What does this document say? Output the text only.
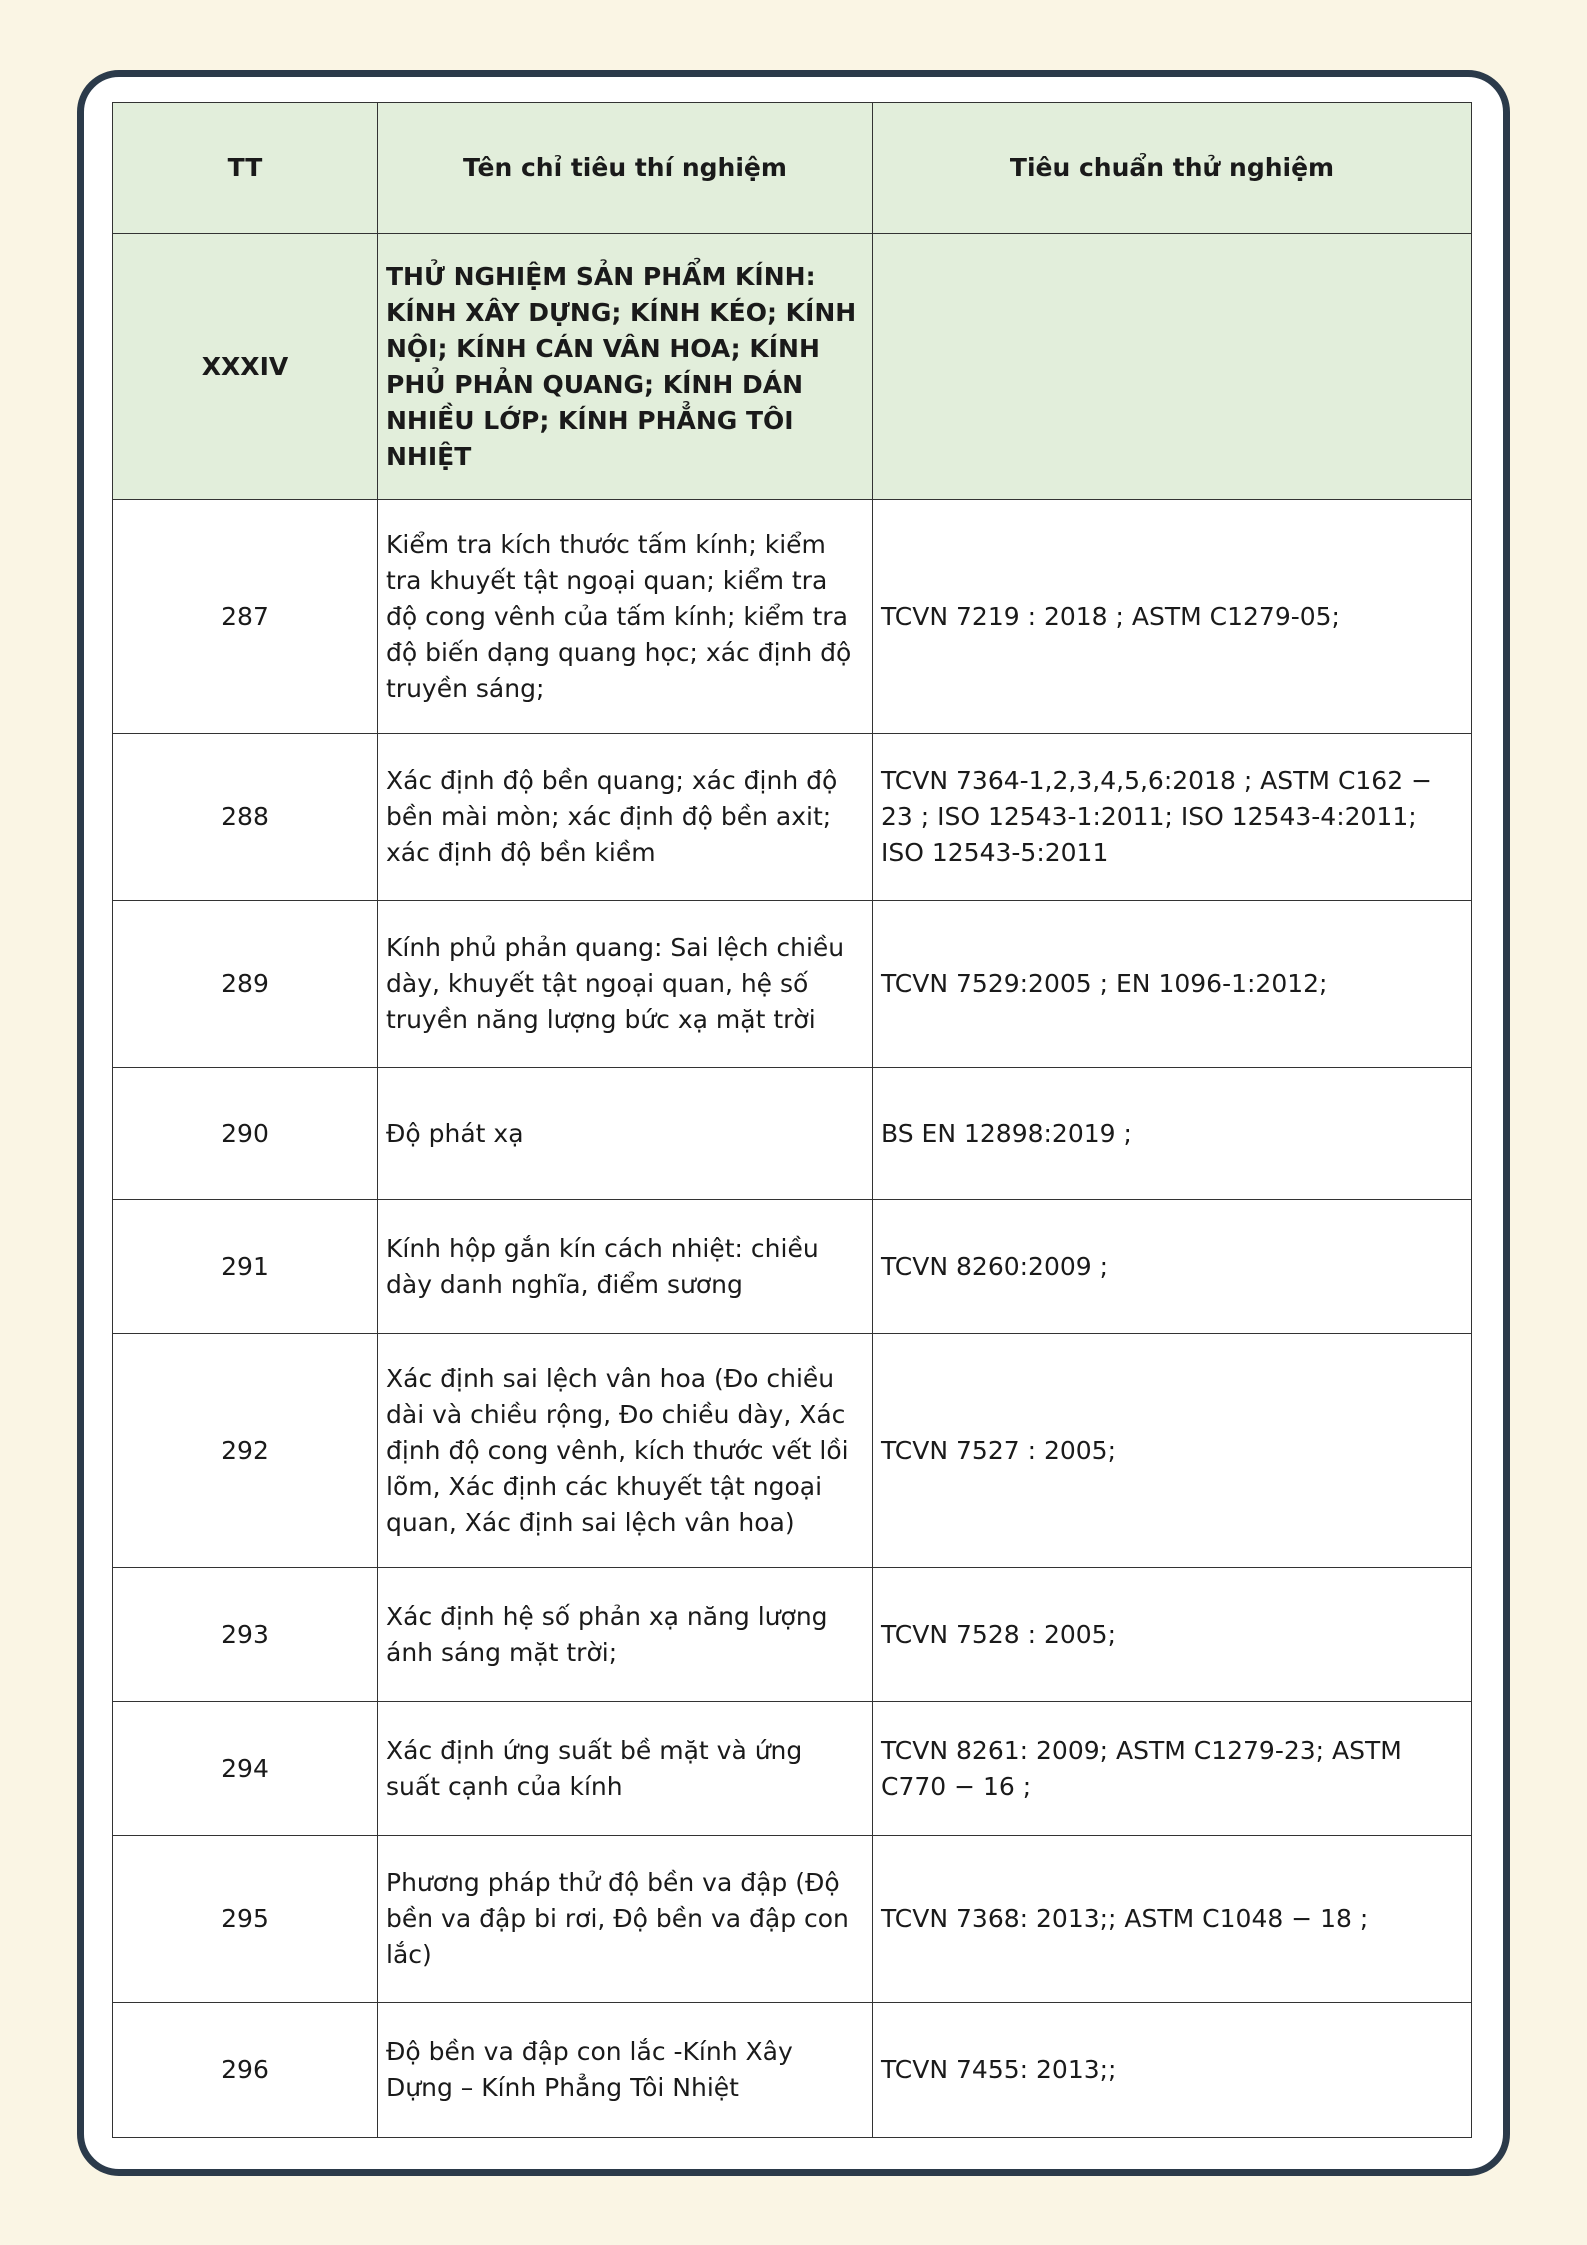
TT	Tên chỉ tiêu thí nghiệm	Tiêu chuẩn thử nghiệm
XXXIV	THỬ NGHIỆM SẢN PHẨM KÍNH: KÍNH XÂY DỰNG; KÍNH KÉO; KÍNH NỘI; KÍNH CÁN VÂN HOA; KÍNH PHỦ PHẢN QUANG; KÍNH DÁN NHIỀU LỚP; KÍNH PHẲNG TÔI NHIỆT	
287	Kiểm tra kích thước tấm kính; kiểm tra khuyết tật ngoại quan; kiểm tra độ cong vênh của tấm kính; kiểm tra độ biến dạng quang học; xác định độ truyền sáng;	TCVN 7219 : 2018 ; ASTM C1279-05;
288	Xác định độ bền quang; xác định độ bền mài mòn; xác định độ bền axit; xác định độ bền kiềm	TCVN 7364-1,2,3,4,5,6:2018 ; ASTM C162 − 23 ; ISO 12543-1:2011; ISO 12543-4:2011; ISO 12543-5:2011
289	Kính phủ phản quang: Sai lệch chiều dày, khuyết tật ngoại quan, hệ số truyền năng lượng bức xạ mặt trời	TCVN 7529:2005 ; EN 1096-1:2012;
290	Độ phát xạ	BS EN 12898:2019 ;
291	Kính hộp gắn kín cách nhiệt: chiều dày danh nghĩa, điểm sương	TCVN 8260:2009 ;
292	Xác định sai lệch vân hoa (Đo chiều dài và chiều rộng, Đo chiều dày, Xác định độ cong vênh, kích thước vết lồi lõm, Xác định các khuyết tật ngoại quan, Xác định sai lệch vân hoa)	TCVN 7527 : 2005;
293	Xác định hệ số phản xạ năng lượng ánh sáng mặt trời;	TCVN 7528 : 2005;
294	Xác định ứng suất bề mặt và ứng suất cạnh của kính	TCVN 8261: 2009; ASTM C1279-23; ASTM C770 − 16 ;
295	Phương pháp thử độ bền va đập (Độ bền va đập bi rơi, Độ bền va đập con lắc)	TCVN 7368: 2013;; ASTM C1048 − 18 ;
296	Độ bền va đập con lắc -Kính Xây Dựng – Kính Phẳng Tôi Nhiệt	TCVN 7455: 2013;;
